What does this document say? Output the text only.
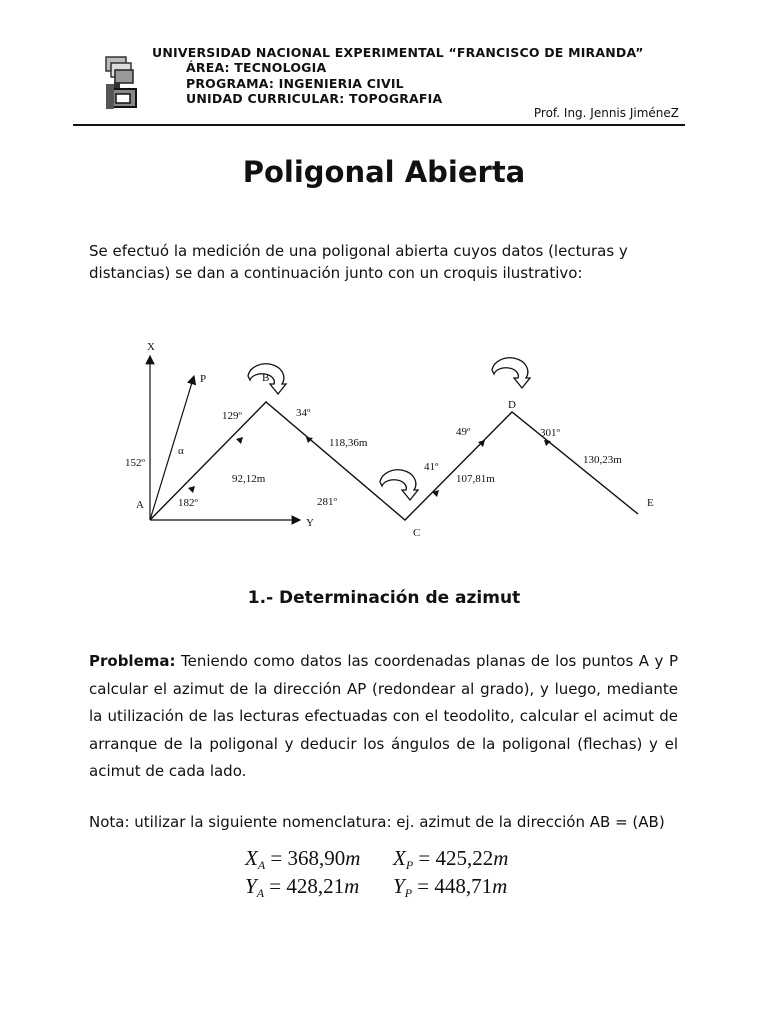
UNIVERSIDAD NACIONAL EXPERIMENTAL “FRANCISCO DE MIRANDA”
ÁREA: TECNOLOGIA
PROGRAMA: INGENIERIA CIVIL
UNIDAD CURRICULAR: TOPOGRAFIA
Prof. Ing. Jennis JiméneZ
Poligonal Abierta
Se efectuó la medición de una poligonal abierta cuyos datos (lecturas y distancias) se dan a continuación junto con un croquis ilustrativo:
X
Y
P
α
A
B
C
D
E
152º
182º
129º	34º
281º
41º
49º	301º
92,12m
118,36m
107,81m
130,23m
1.- Determinación de azimut
Problema: Teniendo como datos las coordenadas planas de los puntos A y P calcular el azimut de la dirección AP (redondear al grado), y luego, mediante la utilización de las lecturas efectuadas con el teodolito, calcular el acimut de arranque de la poligonal y deducir los ángulos de la poligonal (flechas) y el acimut de cada lado.
Nota: utilizar la siguiente nomenclatura: ej. azimut de la dirección AB = (AB)
$X_A = 368,90m$ $X_P = 425,22m$
$Y_A = 428,21m$ $Y_P = 448,71m$
